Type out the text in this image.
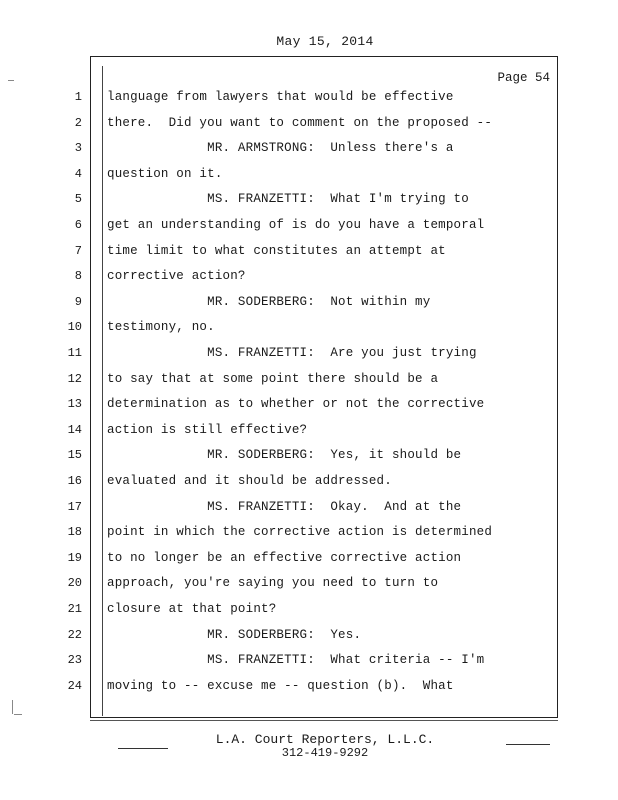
May 15, 2014
Page 54
1
2
3
4
5
6
7
8
9
10
11
12
13
14
15
16
17
18
19
20
21
22
23
24
language from lawyers that would be effective
there.  Did you want to comment on the proposed --
MR. ARMSTRONG:  Unless there's a
question on it.
MS. FRANZETTI:  What I'm trying to
get an understanding of is do you have a temporal
time limit to what constitutes an attempt at
corrective action?
MR. SODERBERG:  Not within my
testimony, no.
MS. FRANZETTI:  Are you just trying
to say that at some point there should be a
determination as to whether or not the corrective
action is still effective?
MR. SODERBERG:  Yes, it should be
evaluated and it should be addressed.
MS. FRANZETTI:  Okay.  And at the
point in which the corrective action is determined
to no longer be an effective corrective action
approach, you're saying you need to turn to
closure at that point?
MR. SODERBERG:  Yes.
MS. FRANZETTI:  What criteria -- I'm
moving to -- excuse me -- question (b).  What
L.A. Court Reporters, L.L.C.
312-419-9292
